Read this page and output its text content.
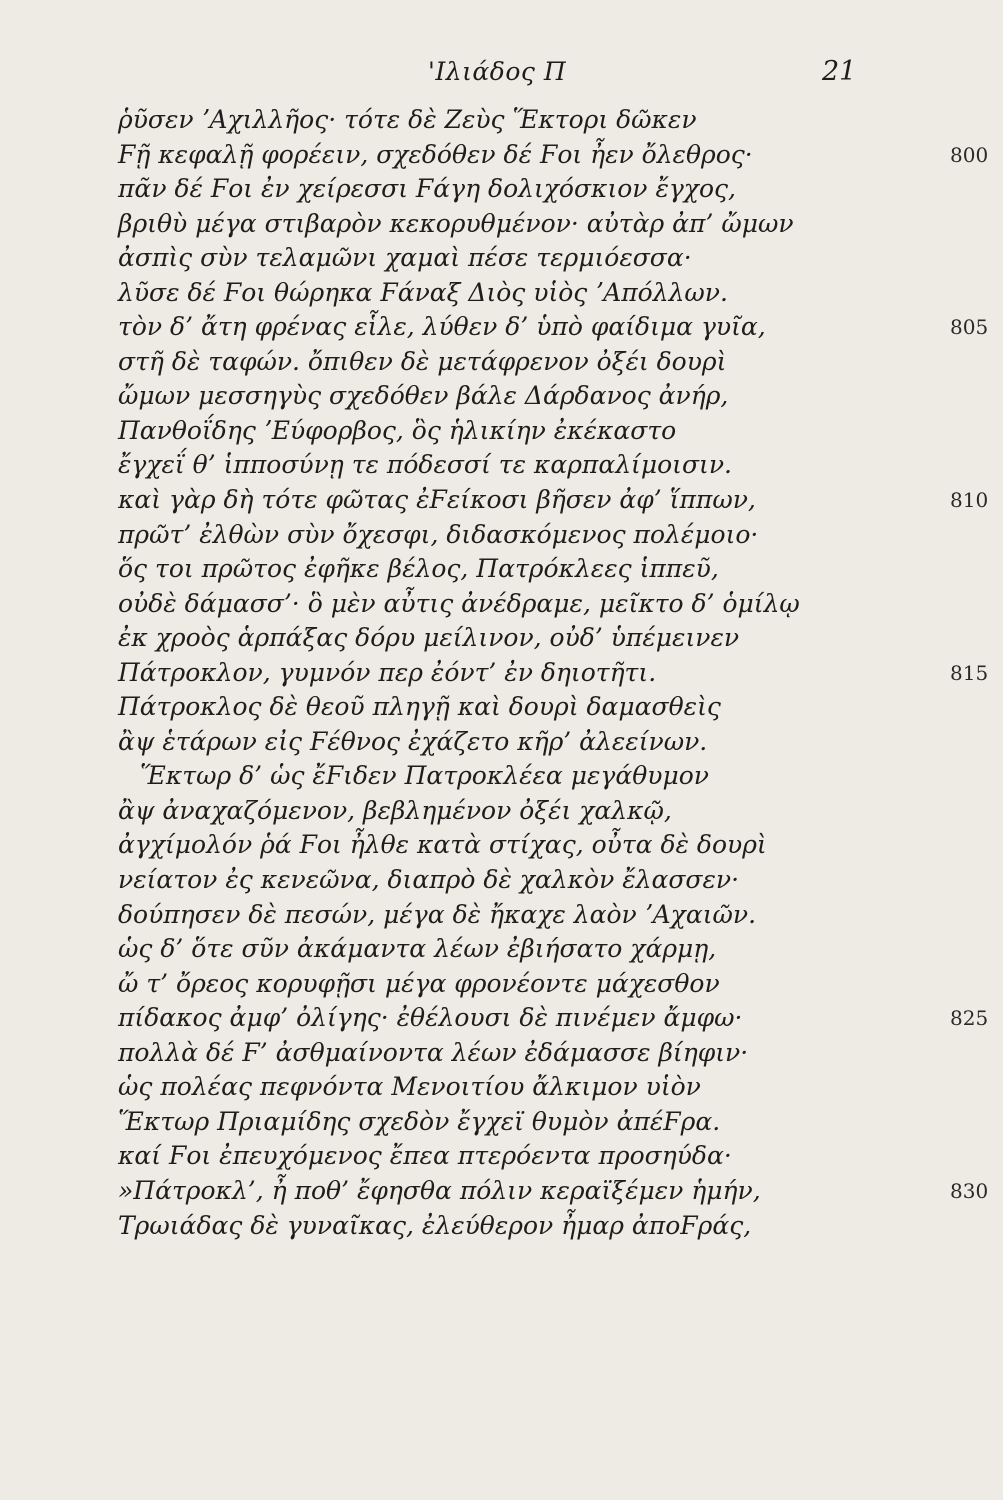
'Ιλιάδος Π	21
ῥῦσεν ʼΑχιλλῆος· τότε δὲ Ζεὺς Ἕκτορι δῶκεν
Ϝῇ κεφαλῇ φορέειν, σχεδόθεν δέ Ϝοι ἦεν ὄλεθρος·	800
πᾶν δέ Ϝοι ἐν χείρεσσι Ϝάγη δολιχόσκιον ἔγχος,
βριθὺ μέγα στιβαρὸν κεκορυθμένον· αὐτὰρ ἀπ’ ὤμων
ἀσπὶς σὺν τελαμῶνι χαμαὶ πέσε τερμιόεσσα·
λῦσε δέ Ϝοι θώρηκα Ϝάναξ Διὸς υἱὸς ʼΑπόλλων.
τὸν δ’ ἄτη φρένας εἷλε, λύθεν δ’ ὑπὸ φαίδιμα γυῖα,	805
στῆ δὲ ταφών. ὄπιθεν δὲ μετάφρενον ὀξέι δουρὶ
ὤμων μεσσηγὺς σχεδόθεν βάλε Δάρδανος ἀνήρ,
Πανθοΐδης ʼΕύφορβος, ὃς ἡλικίην ἐκέκαστο
ἔγχεΐ θ’ ἱπποσύνῃ τε πόδεσσί τε καρπαλίμοισιν.
καὶ γὰρ δὴ τότε φῶτας ἐϜείκοσι βῆσεν ἀφ’ ἵππων,	810
πρῶτ’ ἐλθὼν σὺν ὄχεσφι, διδασκόμενος πολέμοιο·
ὅς τοι πρῶτος ἐφῆκε βέλος, Πατρόκλεες ἱππεῦ,
οὐδὲ δάμασσ’· ὃ μὲν αὖτις ἀνέδραμε, μεῖκτο δ’ ὁμίλῳ
ἐκ χροὸς ἁρπάξας δόρυ μείλινον, οὐδ’ ὑπέμεινεν
Πάτροκλον, γυμνόν περ ἐόντ’ ἐν δηιοτῆτι.	815
Πάτροκλος δὲ θεοῦ πληγῇ καὶ δουρὶ δαμασθεὶς
ἂψ ἑτάρων εἰς Ϝέθνος ἐχάζετο κῆρ’ ἀλεείνων.
Ἕκτωρ δ’ ὡς ἔϜιδεν Πατροκλέεα μεγάθυμον
ἂψ ἀναχαζόμενον, βεβλημένον ὀξέι χαλκῷ,
ἀγχίμολόν ῥά Ϝοι ἦλθε κατὰ στίχας, οὖτα δὲ δουρὶ
νείατον ἐς κενεῶνα, διαπρὸ δὲ χαλκὸν ἔλασσεν·
δούπησεν δὲ πεσών, μέγα δὲ ἤκαχε λαὸν ʼΑχαιῶν.
ὡς δ’ ὅτε σῦν ἀκάμαντα λέων ἐβιήσατο χάρμῃ,
ὤ τ’ ὄρεος κορυφῇσι μέγα φρονέοντε μάχεσθον
πίδακος ἀμφ’ ὀλίγης· ἐθέλουσι δὲ πινέμεν ἄμφω·	825
πολλὰ δέ Ϝ’ ἀσθμαίνοντα λέων ἐδάμασσε βίηφιν·
ὡς πολέας πεφνόντα Μενοιτίου ἄλκιμον υἱὸν
Ἕκτωρ Πριαμίδης σχεδὸν ἔγχεϊ θυμὸν ἀπέϜρα.
καί Ϝοι ἐπευχόμενος ἔπεα πτερόεντα προσηύδα·
»Πάτροκλ’, ἦ ποθ’ ἔφησθα πόλιν κεραϊξέμεν ἡμήν,	830
Τρωιάδας δὲ γυναῖκας, ἐλεύθερον ἦμαρ ἀποϜράς,
